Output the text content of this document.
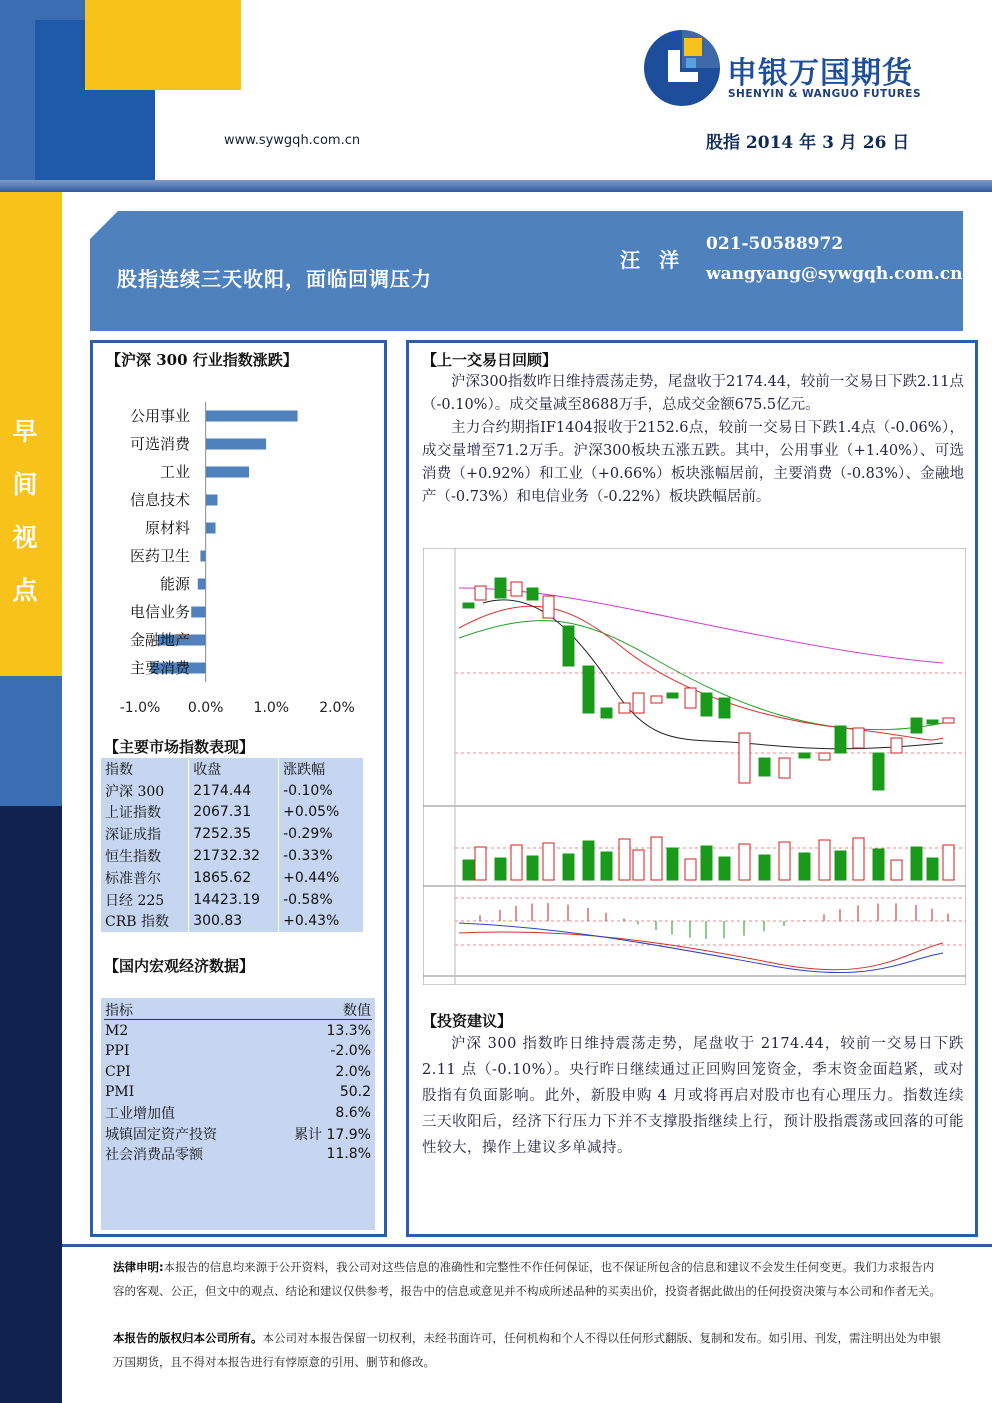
申银万国期货
SHENYIN & WANGUO FUTURES
www.sywgqh.com.cn	股指 2014 年 3 月 26 日
早
间
视
点
股指连续三天收阳，面临回调压力
汪 洋
021-50588972
wangyang@sywgqh.com.cn
【沪深 300 行业指数涨跌】
公用事业
可选消费
工业
信息技术
原材料
医药卫生
能源
电信业务
金融地产
主要消费
-1.0% 0.0% 1.0% 2.0%
【主要市场指数表现】
指数	收盘	涨跌幅
沪深 300	2174.44	-0.10%
上证指数	2067.31	+0.05%
深证成指	7252.35	-0.29%
恒生指数	21732.32	-0.33%
标准普尔	1865.62	+0.44%
日经 225	14423.19	-0.58%
CRB 指数	300.83	+0.43%
【国内宏观经济数据】
指标	数值
M2	13.3%
PPI	-2.0%
CPI	2.0%
PMI	50.2
工业增加值	8.6%
城镇固定资产投资	累计 17.9%
社会消费品零额	11.8%
【上一交易日回顾】
沪深300指数昨日维持震荡走势，尾盘收于2174.44，较前一交易日下跌2.11点（-0.10%）。成交量减至8688万手，总成交金额675.5亿元。
主力合约期指IF1404报收于2152.6点，较前一交易日下跌1.4点（-0.06%），成交量增至71.2万手。沪深300板块五涨五跌。其中，公用事业（+1.40%）、可选消费（+0.92%）和工业（+0.66%）板块涨幅居前，主要消费（-0.83%）、金融地产（-0.73%）和电信业务（-0.22%）板块跌幅居前。
【投资建议】
沪深 300 指数昨日维持震荡走势，尾盘收于 2174.44，较前一交易日下跌 2.11 点（-0.10%）。央行昨日继续通过正回购回笼资金，季末资金面趋紧，或对股指有负面影响。此外，新股申购 4 月或将再启对股市也有心理压力。指数连续三天收阳后，经济下行压力下并不支撑股指继续上行，预计股指震荡或回落的可能性较大，操作上建议多单减持。
法律申明:本报告的信息均来源于公开资料，我公司对这些信息的准确性和完整性不作任何保证，也不保证所包含的信息和建议不会发生任何变更。我们力求报告内容的客观、公正，但文中的观点、结论和建议仅供参考，报告中的信息或意见并不构成所述品种的买卖出价，投资者据此做出的任何投资决策与本公司和作者无关。
本报告的版权归本公司所有。本公司对本报告保留一切权利，未经书面许可，任何机构和个人不得以任何形式翻版、复制和发布。如引用、刊发，需注明出处为申银万国期货，且不得对本报告进行有悖原意的引用、删节和修改。
